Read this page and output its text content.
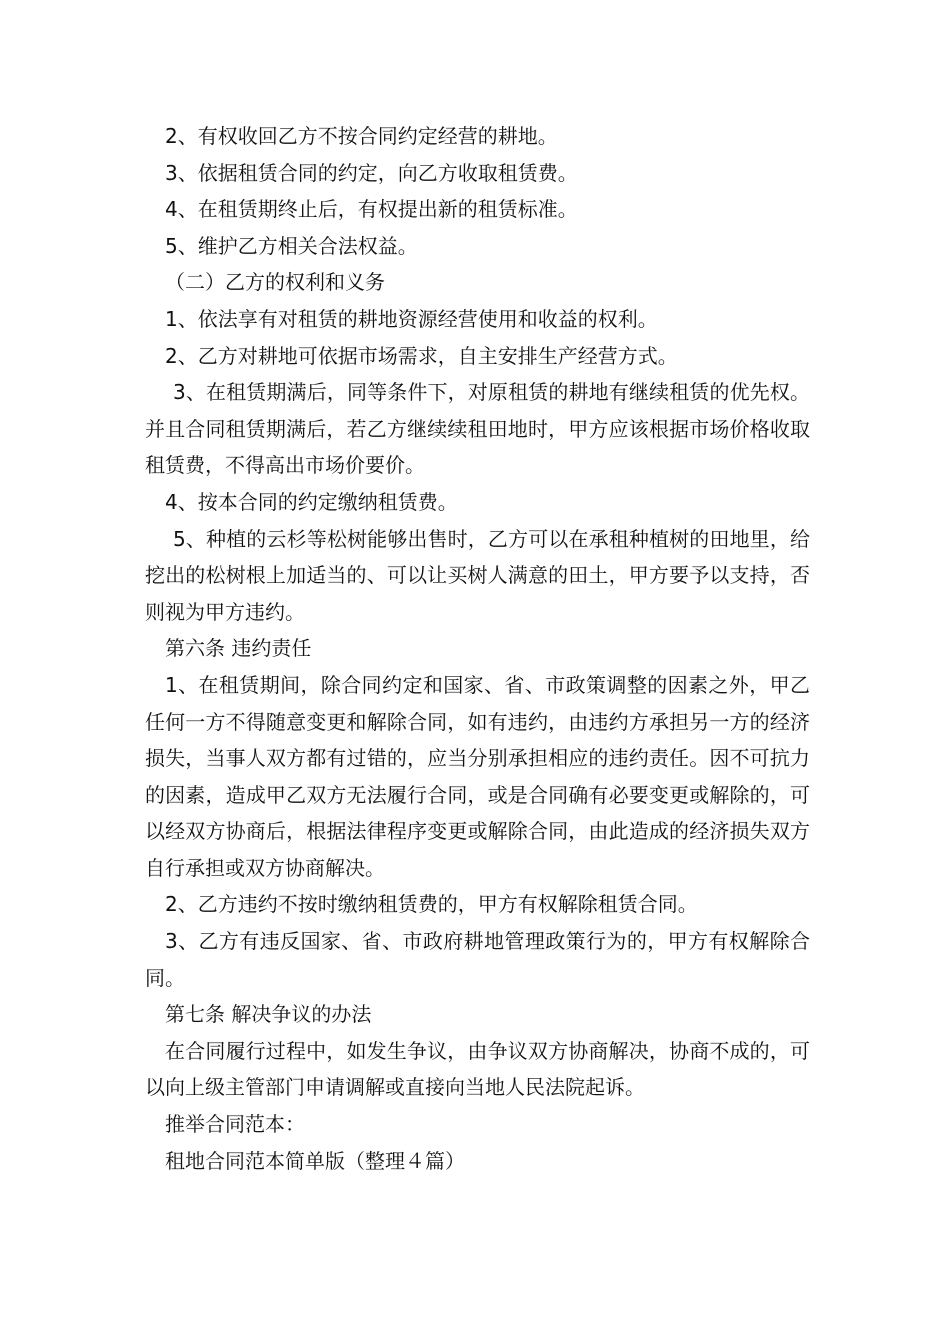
2、有权收回乙方不按合同约定经营的耕地。

3、依据租赁合同的约定，向乙方收取租赁费。

4、在租赁期终止后，有权提出新的租赁标准。

5、维护乙方相关合法权益。

（二）乙方的权利和义务

1、依法享有对租赁的耕地资源经营使用和收益的权利。

2、乙方对耕地可依据市场需求，自主安排生产经营方式。

3、在租赁期满后，同等条件下，对原租赁的耕地有继续租赁的优先权。并且合同租赁期满后，若乙方继续续租田地时，甲方应该根据市场价格收取租赁费，不得高出市场价要价。

4、按本合同的约定缴纳租赁费。

5、种植的云杉等松树能够出售时，乙方可以在承租种植树的田地里，给挖出的松树根上加适当的、可以让买树人满意的田土，甲方要予以支持，否则视为甲方违约。

第六条 违约责任

1、在租赁期间，除合同约定和国家、省、市政策调整的因素之外，甲乙任何一方不得随意变更和解除合同，如有违约，由违约方承担另一方的经济损失，当事人双方都有过错的，应当分别承担相应的违约责任。因不可抗力的因素，造成甲乙双方无法履行合同，或是合同确有必要变更或解除的，可以经双方协商后，根据法律程序变更或解除合同，由此造成的经济损失双方自行承担或双方协商解决。

2、乙方违约不按时缴纳租赁费的，甲方有权解除租赁合同。

3、乙方有违反国家、省、市政府耕地管理政策行为的，甲方有权解除合同。

第七条 解决争议的办法

在合同履行过程中，如发生争议，由争议双方协商解决，协商不成的，可以向上级主管部门申请调解或直接向当地人民法院起诉。

推举合同范本：

租地合同范本简单版（整理４篇）
